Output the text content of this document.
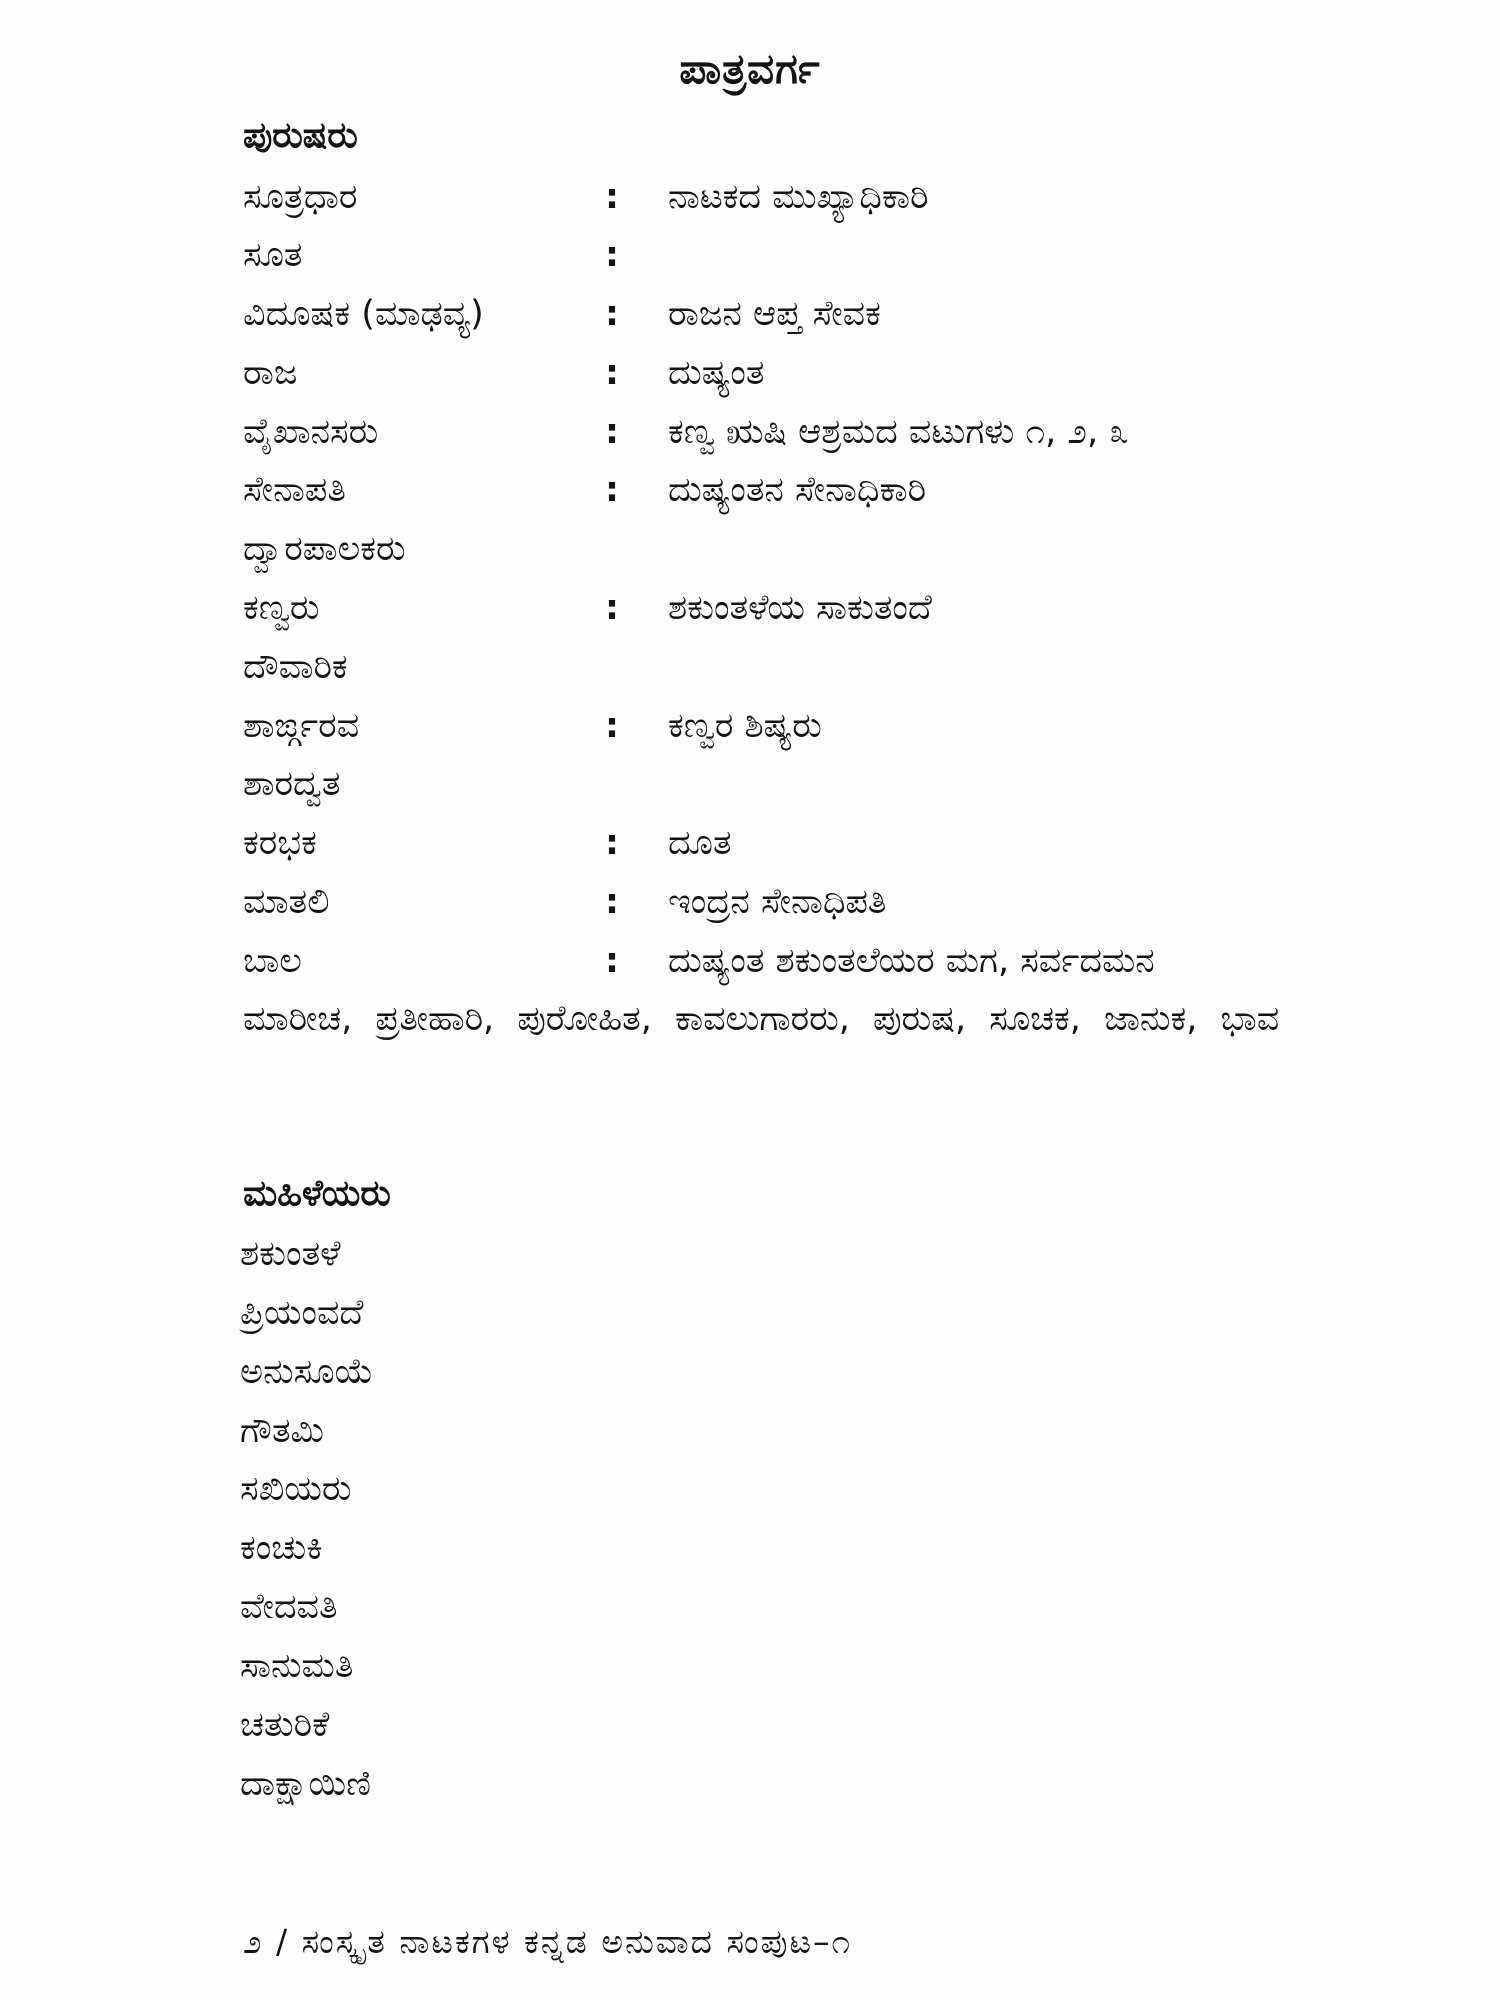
ಪಾತ್ರವರ್ಗ
ಪುರುಷರು
ಸೂತ್ರಧಾರ	: ನಾಟಕದ ಮುಖ್ಯಾಧಿಕಾರಿ
ಸೂತ	:
ವಿದೂಷಕ (ಮಾಢವ್ಯ)	: ರಾಜನ ಆಪ್ತ ಸೇವಕ
ರಾಜ	: ದುಷ್ಯಂತ
ವೈಖಾನಸರು	: ಕಣ್ವ ಋಷಿ ಆಶ್ರಮದ ವಟುಗಳು ೧, ೨, ೩
ಸೇನಾಪತಿ	: ದುಷ್ಯಂತನ ಸೇನಾಧಿಕಾರಿ
ದ್ವಾರಪಾಲಕರು
ಕಣ್ವರು	: ಶಕುಂತಳೆಯ ಸಾಕುತಂದೆ
ದೌವಾರಿಕ
ಶಾರ್ಙ್ಗರವ	: ಕಣ್ವರ ಶಿಷ್ಯರು
ಶಾರದ್ವತ
ಕರಭಕ	: ದೂತ
ಮಾತಲಿ	: ಇಂದ್ರನ ಸೇನಾಧಿಪತಿ
ಬಾಲ	: ದುಷ್ಯಂತ ಶಕುಂತಲೆಯರ ಮಗ, ಸರ್ವದಮನ
ಮಾರೀಚ, ಪ್ರತೀಹಾರಿ, ಪುರೋಹಿತ, ಕಾವಲುಗಾರರು, ಪುರುಷ, ಸೂಚಕ, ಜಾನುಕ, ಭಾವ
ಮಹಿಳೆಯರು
ಶಕುಂತಳೆ
ಪ್ರಿಯಂವದೆ
ಅನುಸೂಯೆ
ಗೌತಮಿ
ಸಖಿಯರು
ಕಂಚುಕಿ
ವೇದವತಿ
ಸಾನುಮತಿ
ಚತುರಿಕೆ
ದಾಕ್ಷಾಯಿಣಿ
೨ / ಸಂಸ್ಕೃತ ನಾಟಕಗಳ ಕನ್ನಡ ಅನುವಾದ ಸಂಪುಟ–೧
